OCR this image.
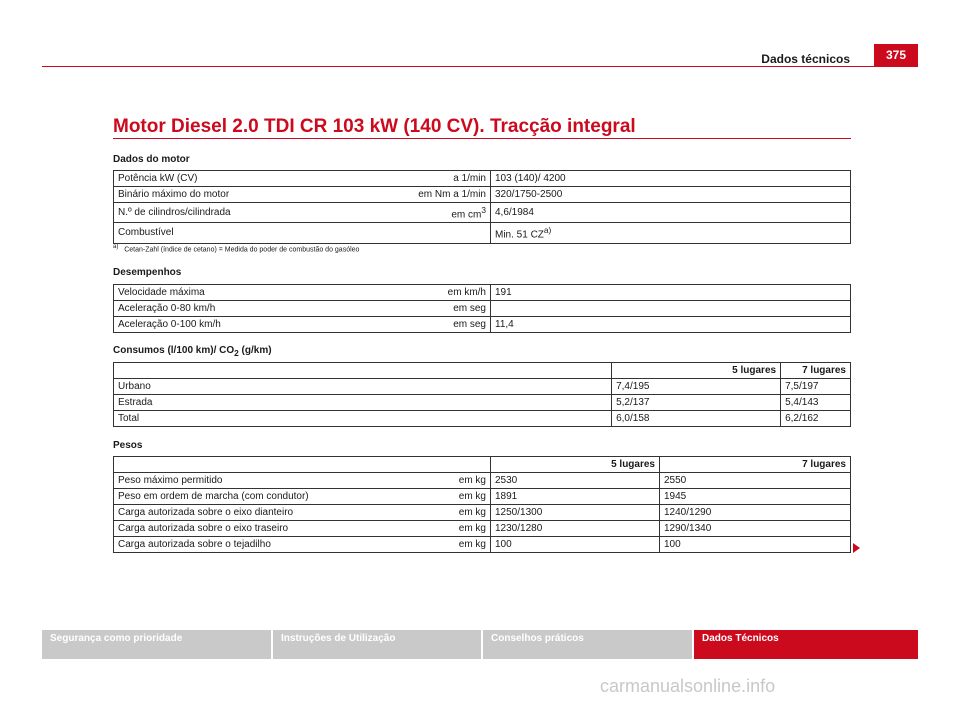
Dados técnicos	375
Motor Diesel 2.0 TDI CR 103 kW (140 CV). Tracção integral
Dados do motor
Potência kW (CV)	a 1/min	103 (140)/ 4200
Binário máximo do motor	em Nm a 1/min	320/1750-2500
N.º de cilindros/cilindrada	em $cm^3$	4,6/1984
Combustível		Min. 51 CZ$^{a)}$
$^{a)}$ Cetan-Zahl (índice de cetano) = Medida do poder de combustão do gasóleo
Desempenhos
Velocidade máxima	em km/h	191
Aceleração 0-80 km/h	em seg	
Aceleração 0-100 km/h	em seg	11,4
Consumos (l/100 km)/ $CO_2$ (g/km)
	5 lugares	7 lugares
Urbano	7,4/195	7,5/197
Estrada	5,2/137	5,4/143
Total	6,0/158	6,2/162
Pesos
		5 lugares	7 lugares
Peso máximo permitido	em kg	2530	2550
Peso em ordem de marcha (com condutor)	em kg	1891	1945
Carga autorizada sobre o eixo dianteiro	em kg	1250/1300	1240/1290
Carga autorizada sobre o eixo traseiro	em kg	1230/1280	1290/1340
Carga autorizada sobre o tejadilho	em kg	100	100
Segurança como prioridade	Instruções de Utilização	Conselhos práticos	Dados Técnicos
carmanualsonline.info
